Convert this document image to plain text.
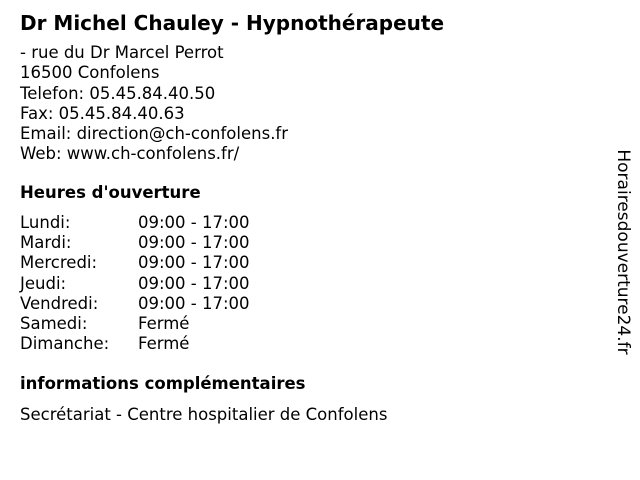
Dr Michel Chauley - Hypnothérapeute
- rue du Dr Marcel Perrot
16500 Confolens
Telefon: 05.45.84.40.50
Fax: 05.45.84.40.63
Email: direction@ch-confolens.fr
Web: www.ch-confolens.fr/
Heures d'ouverture
Lundi:	09:00 - 17:00
Mardi:	09:00 - 17:00
Mercredi:	09:00 - 17:00
Jeudi:	09:00 - 17:00
Vendredi:	09:00 - 17:00
Samedi:	Fermé
Dimanche:	Fermé
informations complémentaires
Secrétariat - Centre hospitalier de Confolens
Horairesdouverture24.fr
